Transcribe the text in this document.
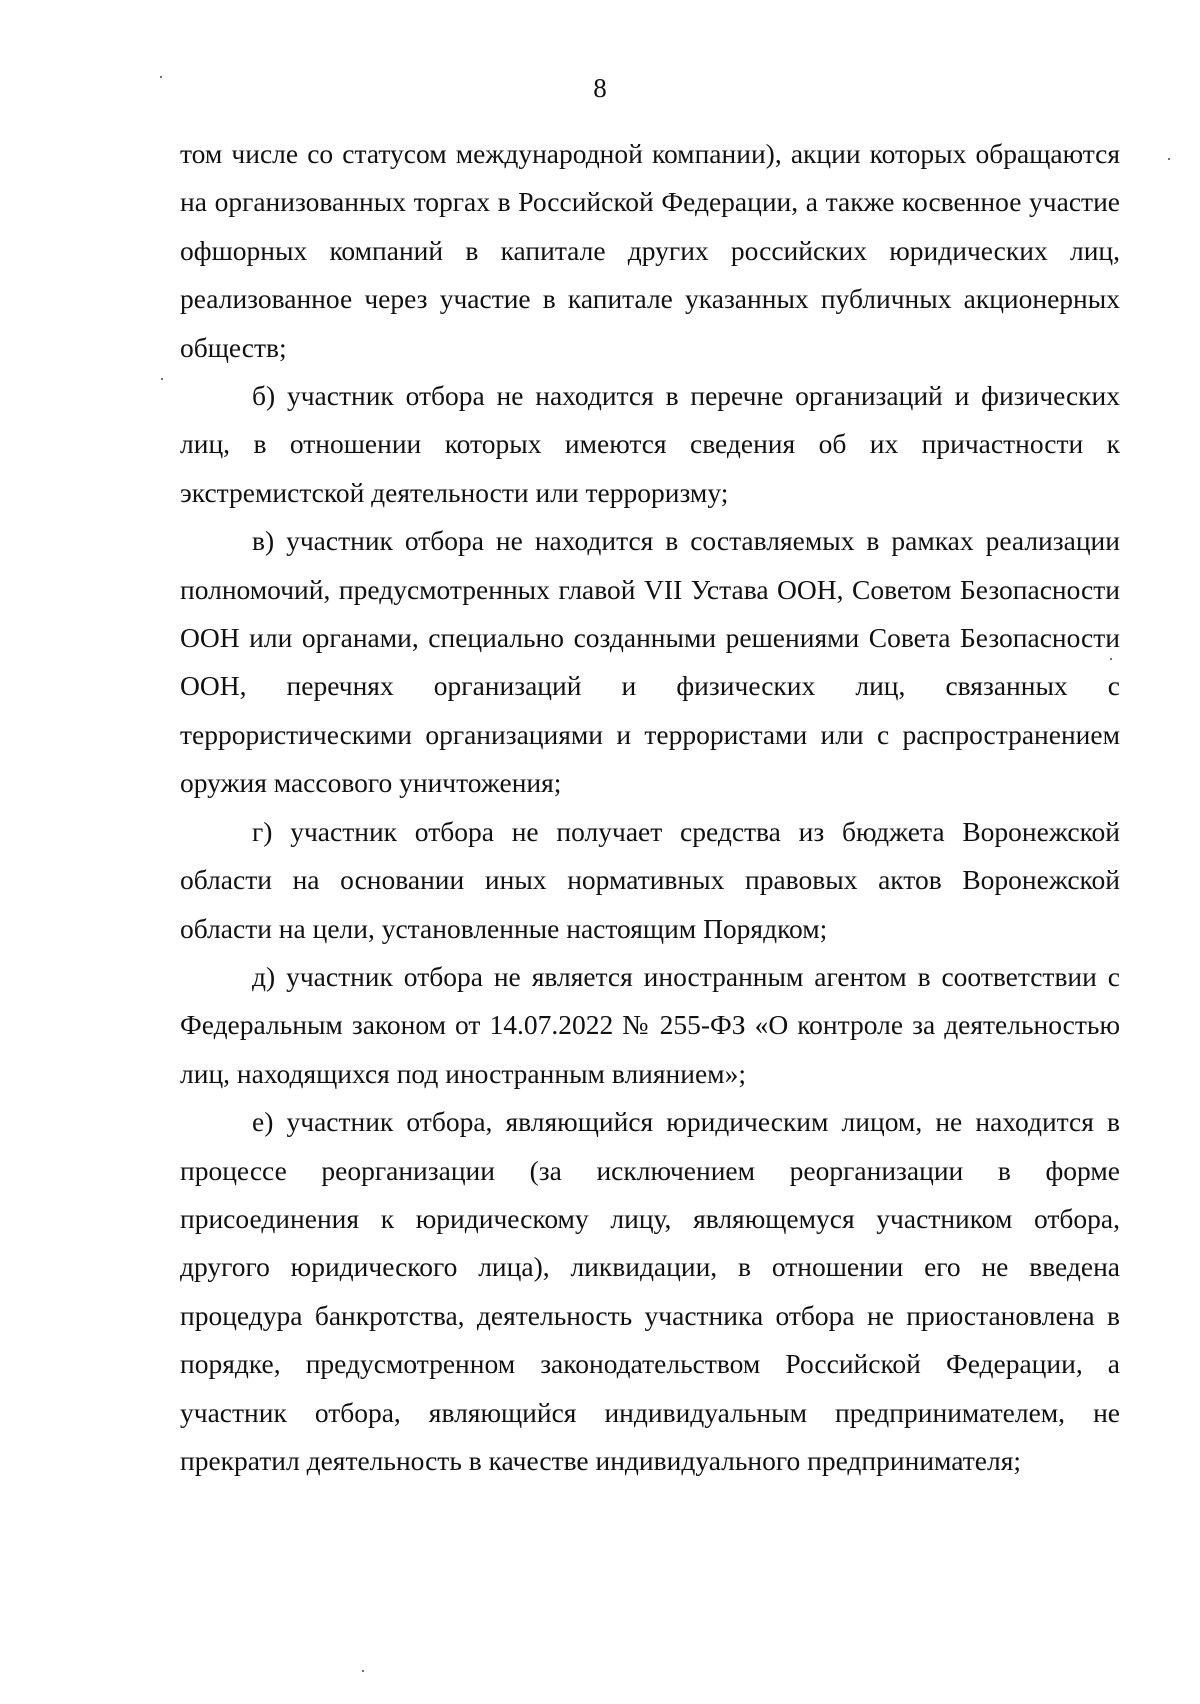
8

том числе со статусом международной компании), акции которых обращаются на организованных торгах в Российской Федерации, а также косвенное участие офшорных компаний в капитале других российских юридических лиц, реализованное через участие в капитале указанных публичных акционерных обществ;

б) участник отбора не находится в перечне организаций и физических лиц, в отношении которых имеются сведения об их причастности к экстремистской деятельности или терроризму;

в) участник отбора не находится в составляемых в рамках реализации полномочий, предусмотренных главой VII Устава ООН, Советом Безопасности ООН или органами, специально созданными решениями Совета Безопасности ООН, перечнях организаций и физических лиц, связанных с террористическими организациями и террористами или с распространением оружия массового уничтожения;

г) участник отбора не получает средства из бюджета Воронежской области на основании иных нормативных правовых актов Воронежской области на цели, установленные настоящим Порядком;

д) участник отбора не является иностранным агентом в соответствии с Федеральным законом от 14.07.2022 № 255-ФЗ «О контроле за деятельностью лиц, находящихся под иностранным влиянием»;

е) участник отбора, являющийся юридическим лицом, не находится в процессе реорганизации (за исключением реорганизации в форме присоединения к юридическому лицу, являющемуся участником отбора, другого юридического лица), ликвидации, в отношении его не введена процедура банкротства, деятельность участника отбора не приостановлена в порядке, предусмотренном законодательством Российской Федерации, а участник отбора, являющийся индивидуальным предпринимателем, не прекратил деятельность в качестве индивидуального предпринимателя;
